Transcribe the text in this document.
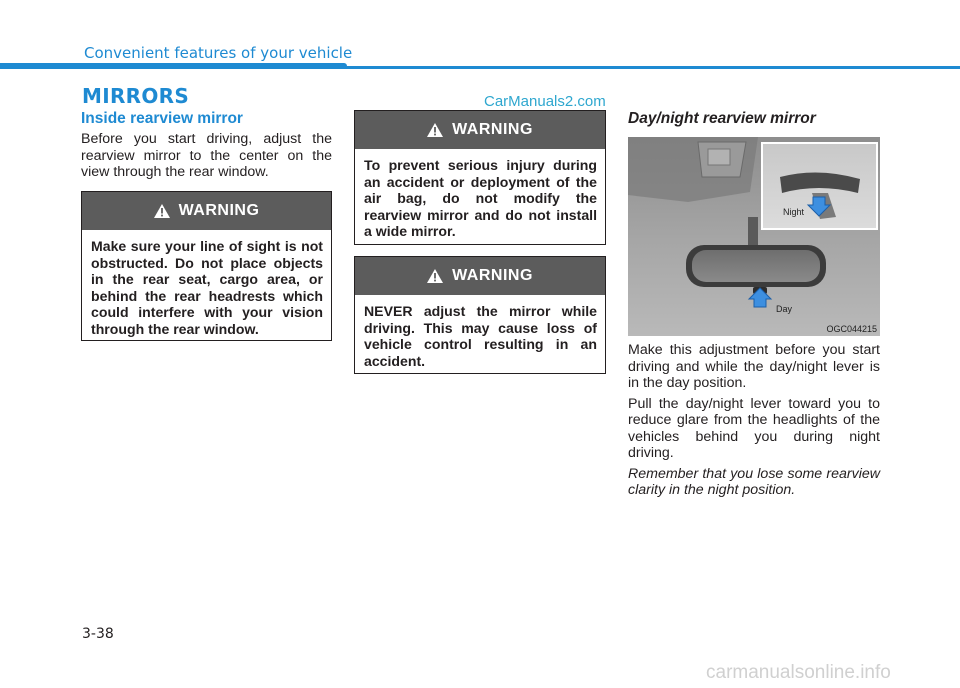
Convenient features of your vehicle
MIRRORS	CarManuals2.com
Inside rearview mirror
Before you start driving, adjust the rearview mirror to the center on the view through the rear window.
WARNING
Make sure your line of sight is not obstructed. Do not place objects in the rear seat, cargo area, or behind the rear headrests which could interfere with your vision through the rear window.
WARNING
To prevent serious injury during an accident or deployment of the air bag, do not modify the rearview mirror and do not install a wide mirror.
WARNING
NEVER adjust the mirror while driving. This may cause loss of vehicle control resulting in an accident.
Day/night rearview mirror
Day
Night
OGC044215

Make this adjustment before you start driving and while the day/night lever is in the day position.

Pull the day/night lever toward you to reduce glare from the headlights of the vehicles behind you during night driving.

Remember that you lose some rearview clarity in the night position.

3-38
carmanualsonline.info
